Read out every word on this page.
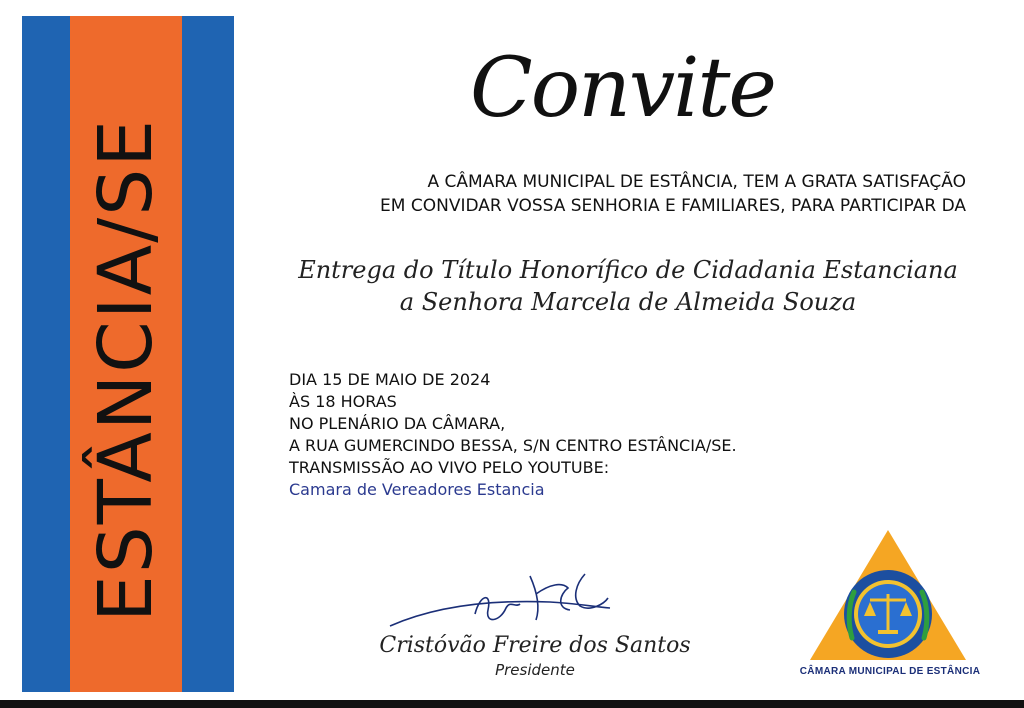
ESTÂNCIA/SE
Convite
A CÂMARA MUNICIPAL DE ESTÂNCIA, TEM A GRATA SATISFAÇÃO
EM CONVIDAR VOSSA SENHORIA E FAMILIARES, PARA PARTICIPAR DA
Entrega do Título Honorífico de Cidadania Estanciana
a Senhora Marcela de Almeida Souza
DIA 15 DE MAIO DE 2024
ÀS 18 HORAS
NO PLENÁRIO DA CÂMARA,
A RUA GUMERCINDO BESSA, S/N CENTRO ESTÂNCIA/SE.
TRANSMISSÃO AO VIVO PELO YOUTUBE:
Camara de Vereadores Estancia
Cristóvão Freire dos Santos
Presidente	CÂMARA MUNICIPAL DE ESTÂNCIA
